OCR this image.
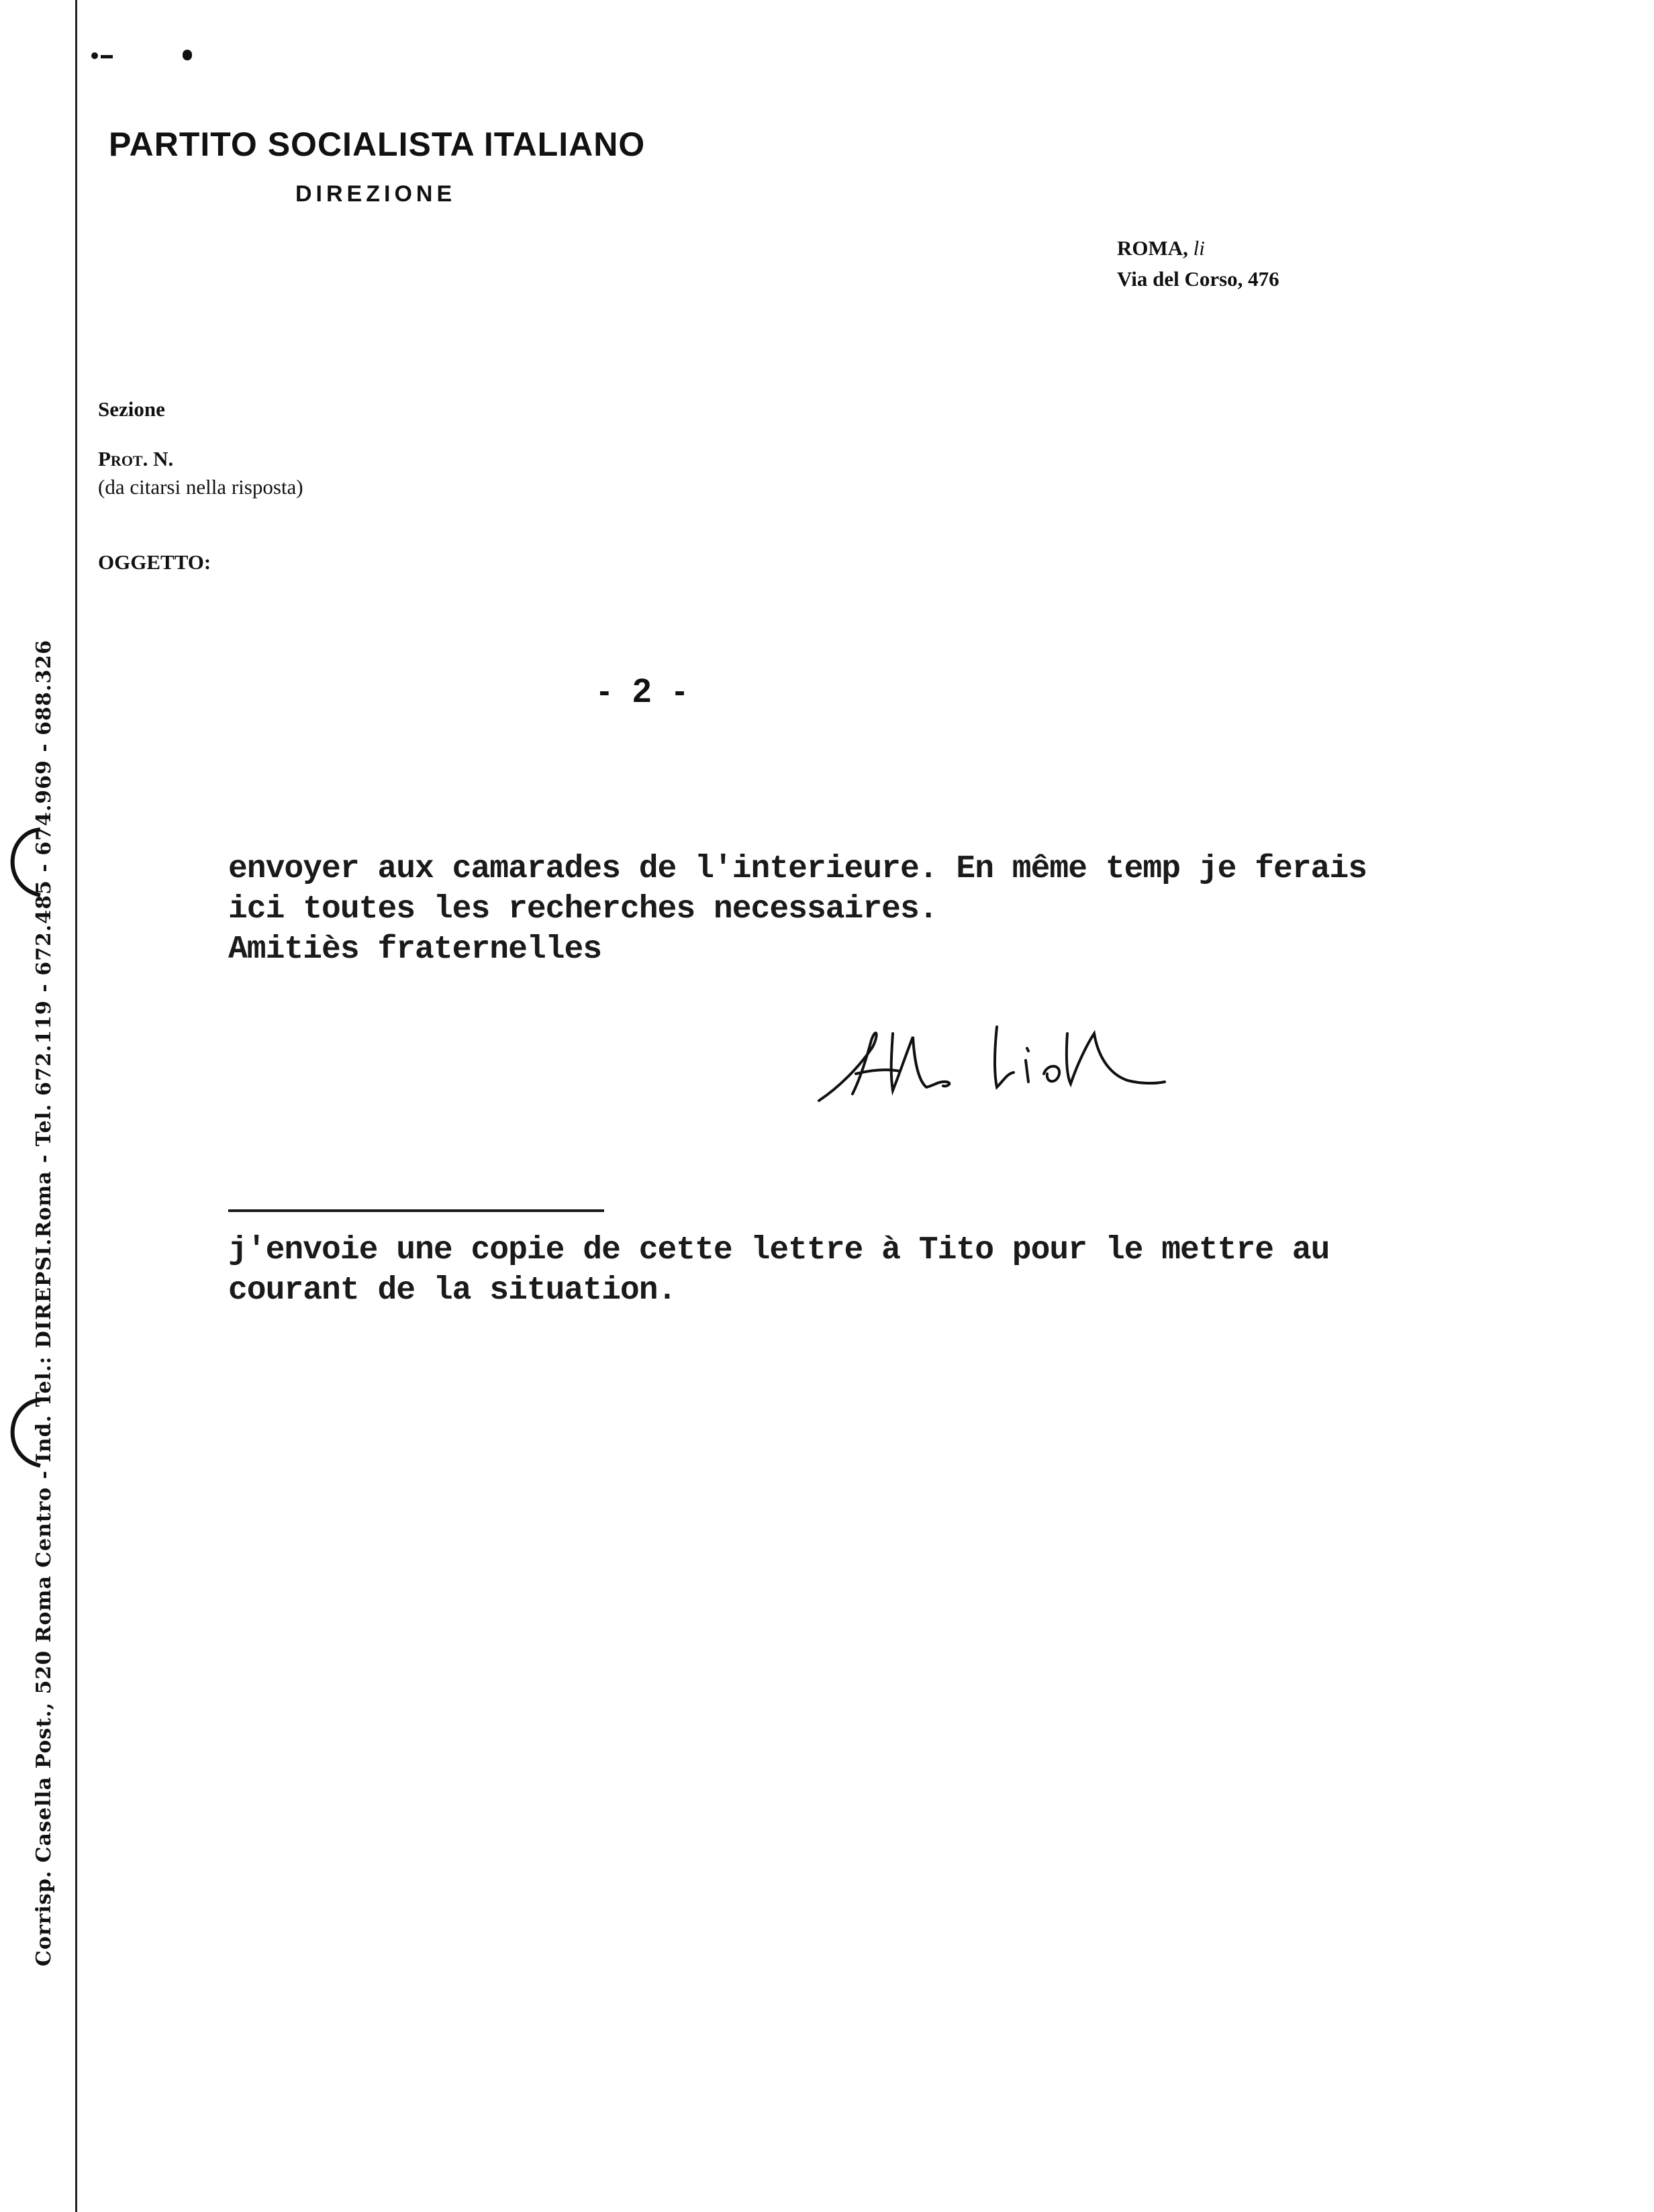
Corrisp. Casella Post., 520 Roma Centro - Ind. Tel.: DIREPSI.Roma - Tel. 672.119 - 672.485 - 674.969 - 688.326
PARTITO SOCIALISTA ITALIANO
DIREZIONE
ROMA, li
Via del Corso, 476
Sezione
Prot. N.
(da citarsi nella risposta)
OGGETTO:
- 2 -
envoyer aux camarades de l'interieure. En même temp je ferais
ici toutes les recherches necessaires.
Amitiès fraternelles
j'envoie une copie de cette lettre à Tito pour le mettre au
courant de la situation.
